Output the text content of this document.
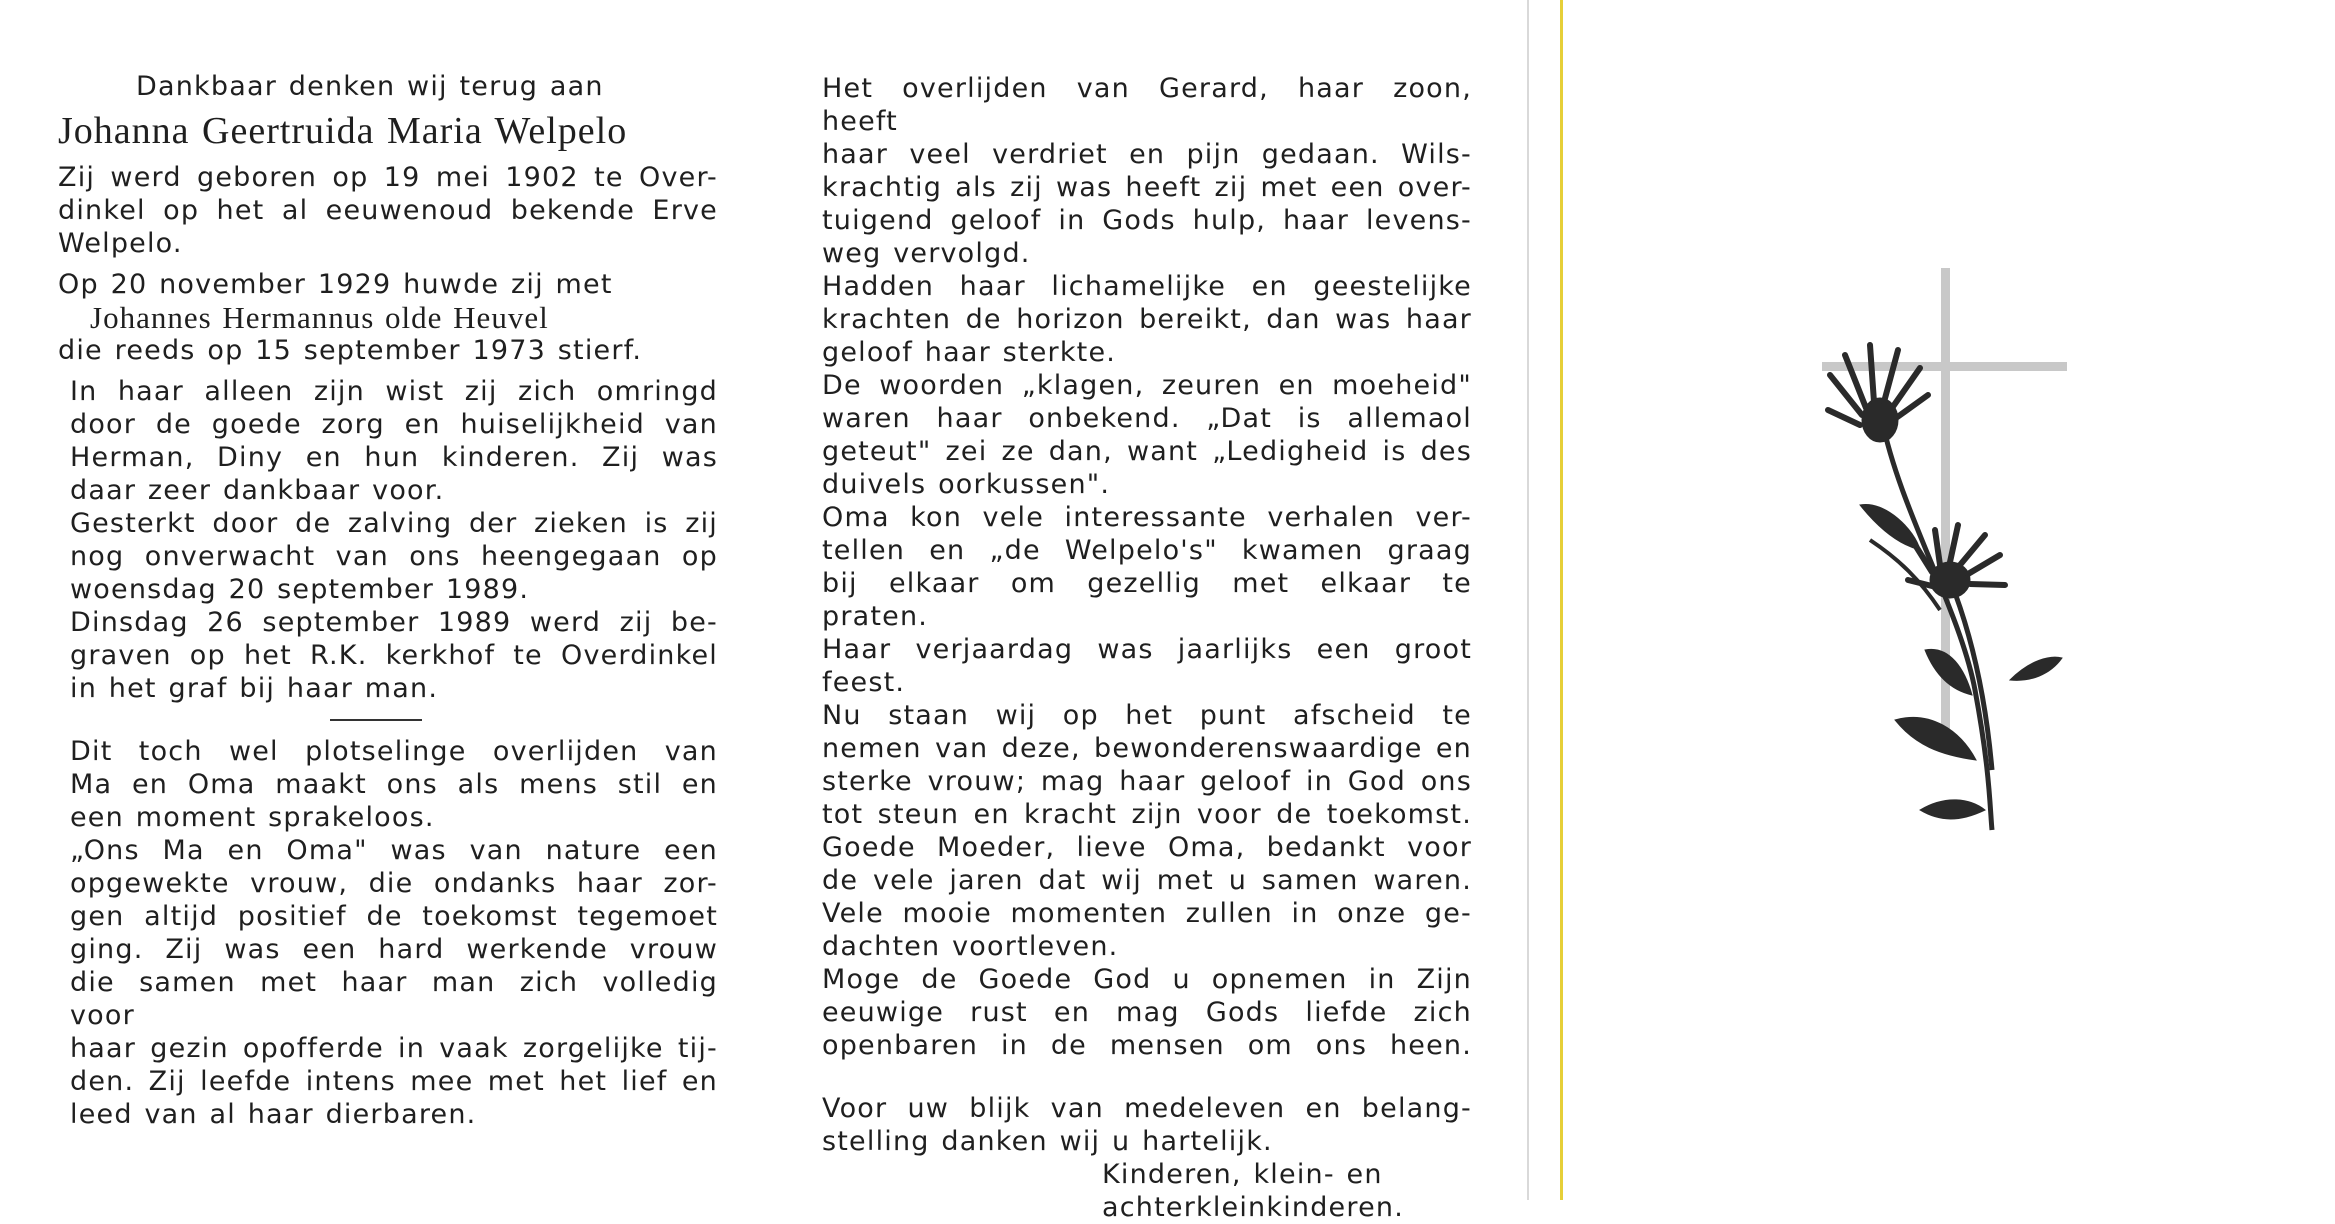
Dankbaar denken wij terug aan
Johanna Geertruida Maria Welpelo
Zij werd geboren op 19 mei 1902 te Over-
dinkel op het al eeuwenoud bekende Erve
Welpelo.
Op 20 november 1929 huwde zij met
Johannes Hermannus olde Heuvel
die reeds op 15 september 1973 stierf.
In haar alleen zijn wist zij zich omringd
door de goede zorg en huiselijkheid van
Herman, Diny en hun kinderen. Zij was
daar zeer dankbaar voor.
Gesterkt door de zalving der zieken is zij
nog onverwacht van ons heengegaan op
woensdag 20 september 1989.
Dinsdag 26 september 1989 werd zij be-
graven op het R.K. kerkhof te Overdinkel
in het graf bij haar man.
Dit toch wel plotselinge overlijden van
Ma en Oma maakt ons als mens stil en
een moment sprakeloos.
„Ons Ma en Oma" was van nature een
opgewekte vrouw, die ondanks haar zor-
gen altijd positief de toekomst tegemoet
ging. Zij was een hard werkende vrouw
die samen met haar man zich volledig voor
haar gezin opofferde in vaak zorgelijke tij-
den. Zij leefde intens mee met het lief en
leed van al haar dierbaren.
Het overlijden van Gerard, haar zoon, heeft
haar veel verdriet en pijn gedaan. Wils-
krachtig als zij was heeft zij met een over-
tuigend geloof in Gods hulp, haar levens-
weg vervolgd.
Hadden haar lichamelijke en geestelijke
krachten de horizon bereikt, dan was haar
geloof haar sterkte.
De woorden „klagen, zeuren en moeheid"
waren haar onbekend. „Dat is allemaol
geteut" zei ze dan, want „Ledigheid is des
duivels oorkussen".
Oma kon vele interessante verhalen ver-
tellen en „de Welpelo's" kwamen graag
bij elkaar om gezellig met elkaar te praten.
Haar verjaardag was jaarlijks een groot
feest.
Nu staan wij op het punt afscheid te
nemen van deze, bewonderenswaardige en
sterke vrouw; mag haar geloof in God ons
tot steun en kracht zijn voor de toekomst.
Goede Moeder, lieve Oma, bedankt voor
de vele jaren dat wij met u samen waren.
Vele mooie momenten zullen in onze ge-
dachten voortleven.
Moge de Goede God u opnemen in Zijn
eeuwige rust en mag Gods liefde zich
openbaren in de mensen om ons heen.
Voor uw blijk van medeleven en belang-
stelling danken wij u hartelijk.
Kinderen, klein- en
achterkleinkinderen.
